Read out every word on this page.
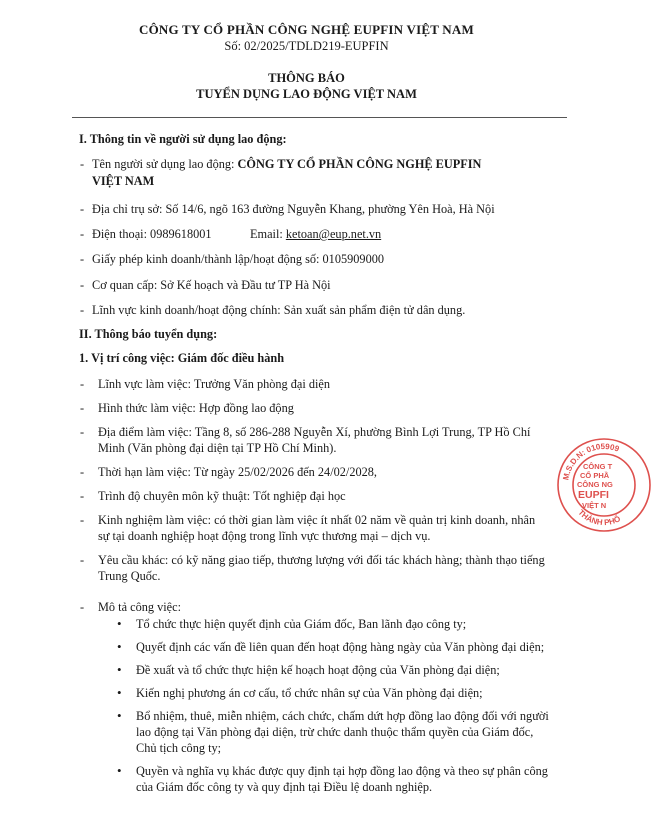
CÔNG TY CỔ PHẦN CÔNG NGHỆ EUPFIN VIỆT NAM
Số: 02/2025/TDLD219-EUPFIN
THÔNG BÁO
TUYỂN DỤNG LAO ĐỘNG VIỆT NAM
I. Thông tin về người sử dụng lao động:
- Tên người sử dụng lao động: CÔNG TY CỔ PHẦN CÔNG NGHỆ EUPFIN
VIỆT NAM
- Địa chỉ trụ sở: Số 14/6, ngõ 163 đường Nguyễn Khang, phường Yên Hoà, Hà Nội
- Điện thoại: 0989618001	Email: ketoan@eup.net.vn
- Giấy phép kinh doanh/thành lập/hoạt động số: 0105909000
- Cơ quan cấp: Sở Kế hoạch và Đầu tư TP Hà Nội
- Lĩnh vực kinh doanh/hoạt động chính: Sản xuất sản phẩm điện tử dân dụng.
II. Thông báo tuyển dụng:
1. Vị trí công việc: Giám đốc điều hành
- Lĩnh vực làm việc: Trưởng Văn phòng đại diện
- Hình thức làm việc: Hợp đồng lao động
- Địa điểm làm việc: Tầng 8, số 286-288 Nguyễn Xí, phường Bình Lợi Trung, TP Hồ Chí
Minh (Văn phòng đại diện tại TP Hồ Chí Minh).
- Thời hạn làm việc: Từ ngày 25/02/2026 đến 24/02/2028,
- Trình độ chuyên môn kỹ thuật: Tốt nghiệp đại học
- Kinh nghiệm làm việc: có thời gian làm việc ít nhất 02 năm về quản trị kinh doanh, nhân
sự tại doanh nghiệp hoạt động trong lĩnh vực thương mại – dịch vụ.
- Yêu cầu khác: có kỹ năng giao tiếp, thương lượng với đối tác khách hàng; thành thạo tiếng
Trung Quốc.
- Mô tả công việc:
• Tổ chức thực hiện quyết định của Giám đốc, Ban lãnh đạo công ty;
• Quyết định các vấn đề liên quan đến hoạt động hàng ngày của Văn phòng đại diện;
• Đề xuất và tổ chức thực hiện kế hoạch hoạt động của Văn phòng đại diện;
• Kiến nghị phương án cơ cấu, tổ chức nhân sự của Văn phòng đại diện;
• Bổ nhiệm, thuê, miễn nhiệm, cách chức, chấm dứt hợp đồng lao động đối với người
lao động tại Văn phòng đại diện, trừ chức danh thuộc thẩm quyền của Giám đốc,
Chủ tịch công ty;
• Quyền và nghĩa vụ khác được quy định tại hợp đồng lao động và theo sự phân công
của Giám đốc công ty và quy định tại Điều lệ doanh nghiệp.
M.S.D.N: 0105909
THÀNH PHỐ
CÔNG T
CỔ PHẦ
CÔNG NG
EUPFI
VIỆT N
